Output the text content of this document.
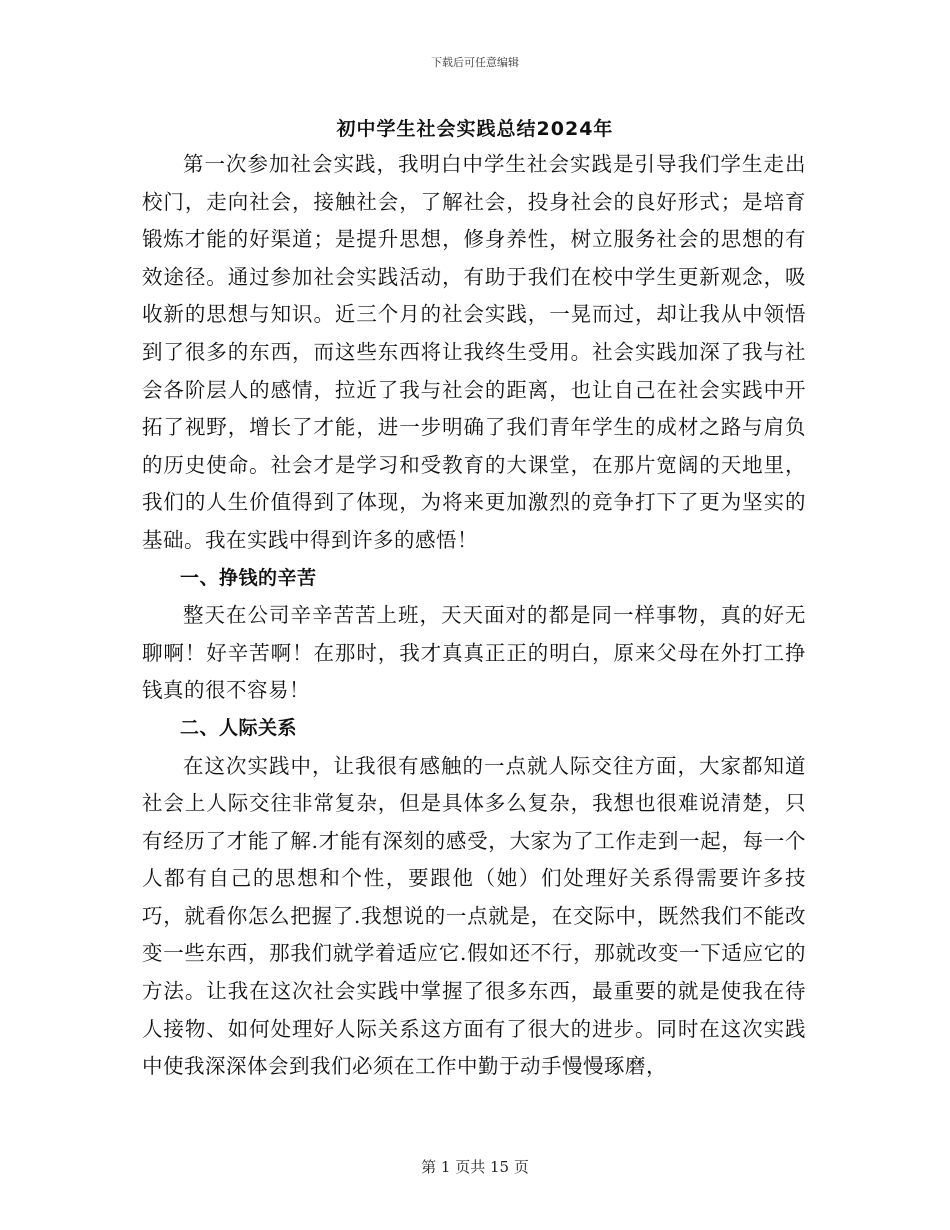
下载后可任意编辑
初中学生社会实践总结2024年

第一次参加社会实践，我明白中学生社会实践是引导我们学生走出校门，走向社会，接触社会，了解社会，投身社会的良好形式；是培育锻炼才能的好渠道；是提升思想，修身养性，树立服务社会的思想的有效途径。通过参加社会实践活动，有助于我们在校中学生更新观念，吸收新的思想与知识。近三个月的社会实践，一晃而过，却让我从中领悟到了很多的东西，而这些东西将让我终生受用。社会实践加深了我与社会各阶层人的感情，拉近了我与社会的距离，也让自己在社会实践中开拓了视野，增长了才能，进一步明确了我们青年学生的成材之路与肩负的历史使命。社会才是学习和受教育的大课堂，在那片宽阔的天地里，我们的人生价值得到了体现，为将来更加激烈的竞争打下了更为坚实的基础。我在实践中得到许多的感悟！

一、挣钱的辛苦

整天在公司辛辛苦苦上班，天天面对的都是同一样事物，真的好无聊啊！好辛苦啊！在那时，我才真真正正的明白，原来父母在外打工挣钱真的很不容易！

二、人际关系

在这次实践中，让我很有感触的一点就人际交往方面，大家都知道社会上人际交往非常复杂，但是具体多么复杂，我想也很难说清楚，只有经历了才能了解.才能有深刻的感受，大家为了工作走到一起，每一个人都有自己的思想和个性，要跟他（她）们处理好关系得需要许多技巧，就看你怎么把握了.我想说的一点就是，在交际中，既然我们不能改变一些东西，那我们就学着适应它.假如还不行，那就改变一下适应它的方法。让我在这次社会实践中掌握了很多东西，最重要的就是使我在待人接物、如何处理好人际关系这方面有了很大的进步。同时在这次实践中使我深深体会到我们必须在工作中勤于动手慢慢琢磨，

第 1 页共 15 页
